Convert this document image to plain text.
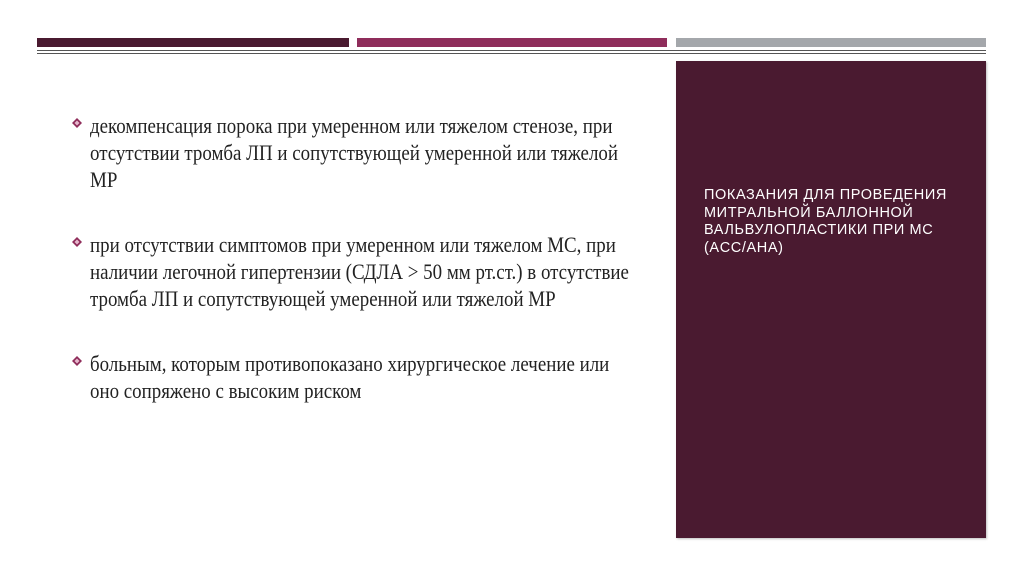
декомпенсация порока при умеренном или тяжелом стенозе, при отсутствии тромба ЛП и сопутствующей умеренной или тяжелой МР
при отсутствии симптомов при умеренном или тяжелом МС, при наличии легочной гипертензии (СДЛА > 50 мм рт.ст.) в отсутствие тромба ЛП и сопутствующей умеренной или тяжелой МР
больным, которым противопоказано хирургическое лечение или оно сопряжено с высоким риском
ПОКАЗАНИЯ ДЛЯ ПРОВЕДЕНИЯ МИТРАЛЬНОЙ БАЛЛОННОЙ ВАЛЬВУЛОПЛАСТИКИ ПРИ МС (ACC/AHA)
